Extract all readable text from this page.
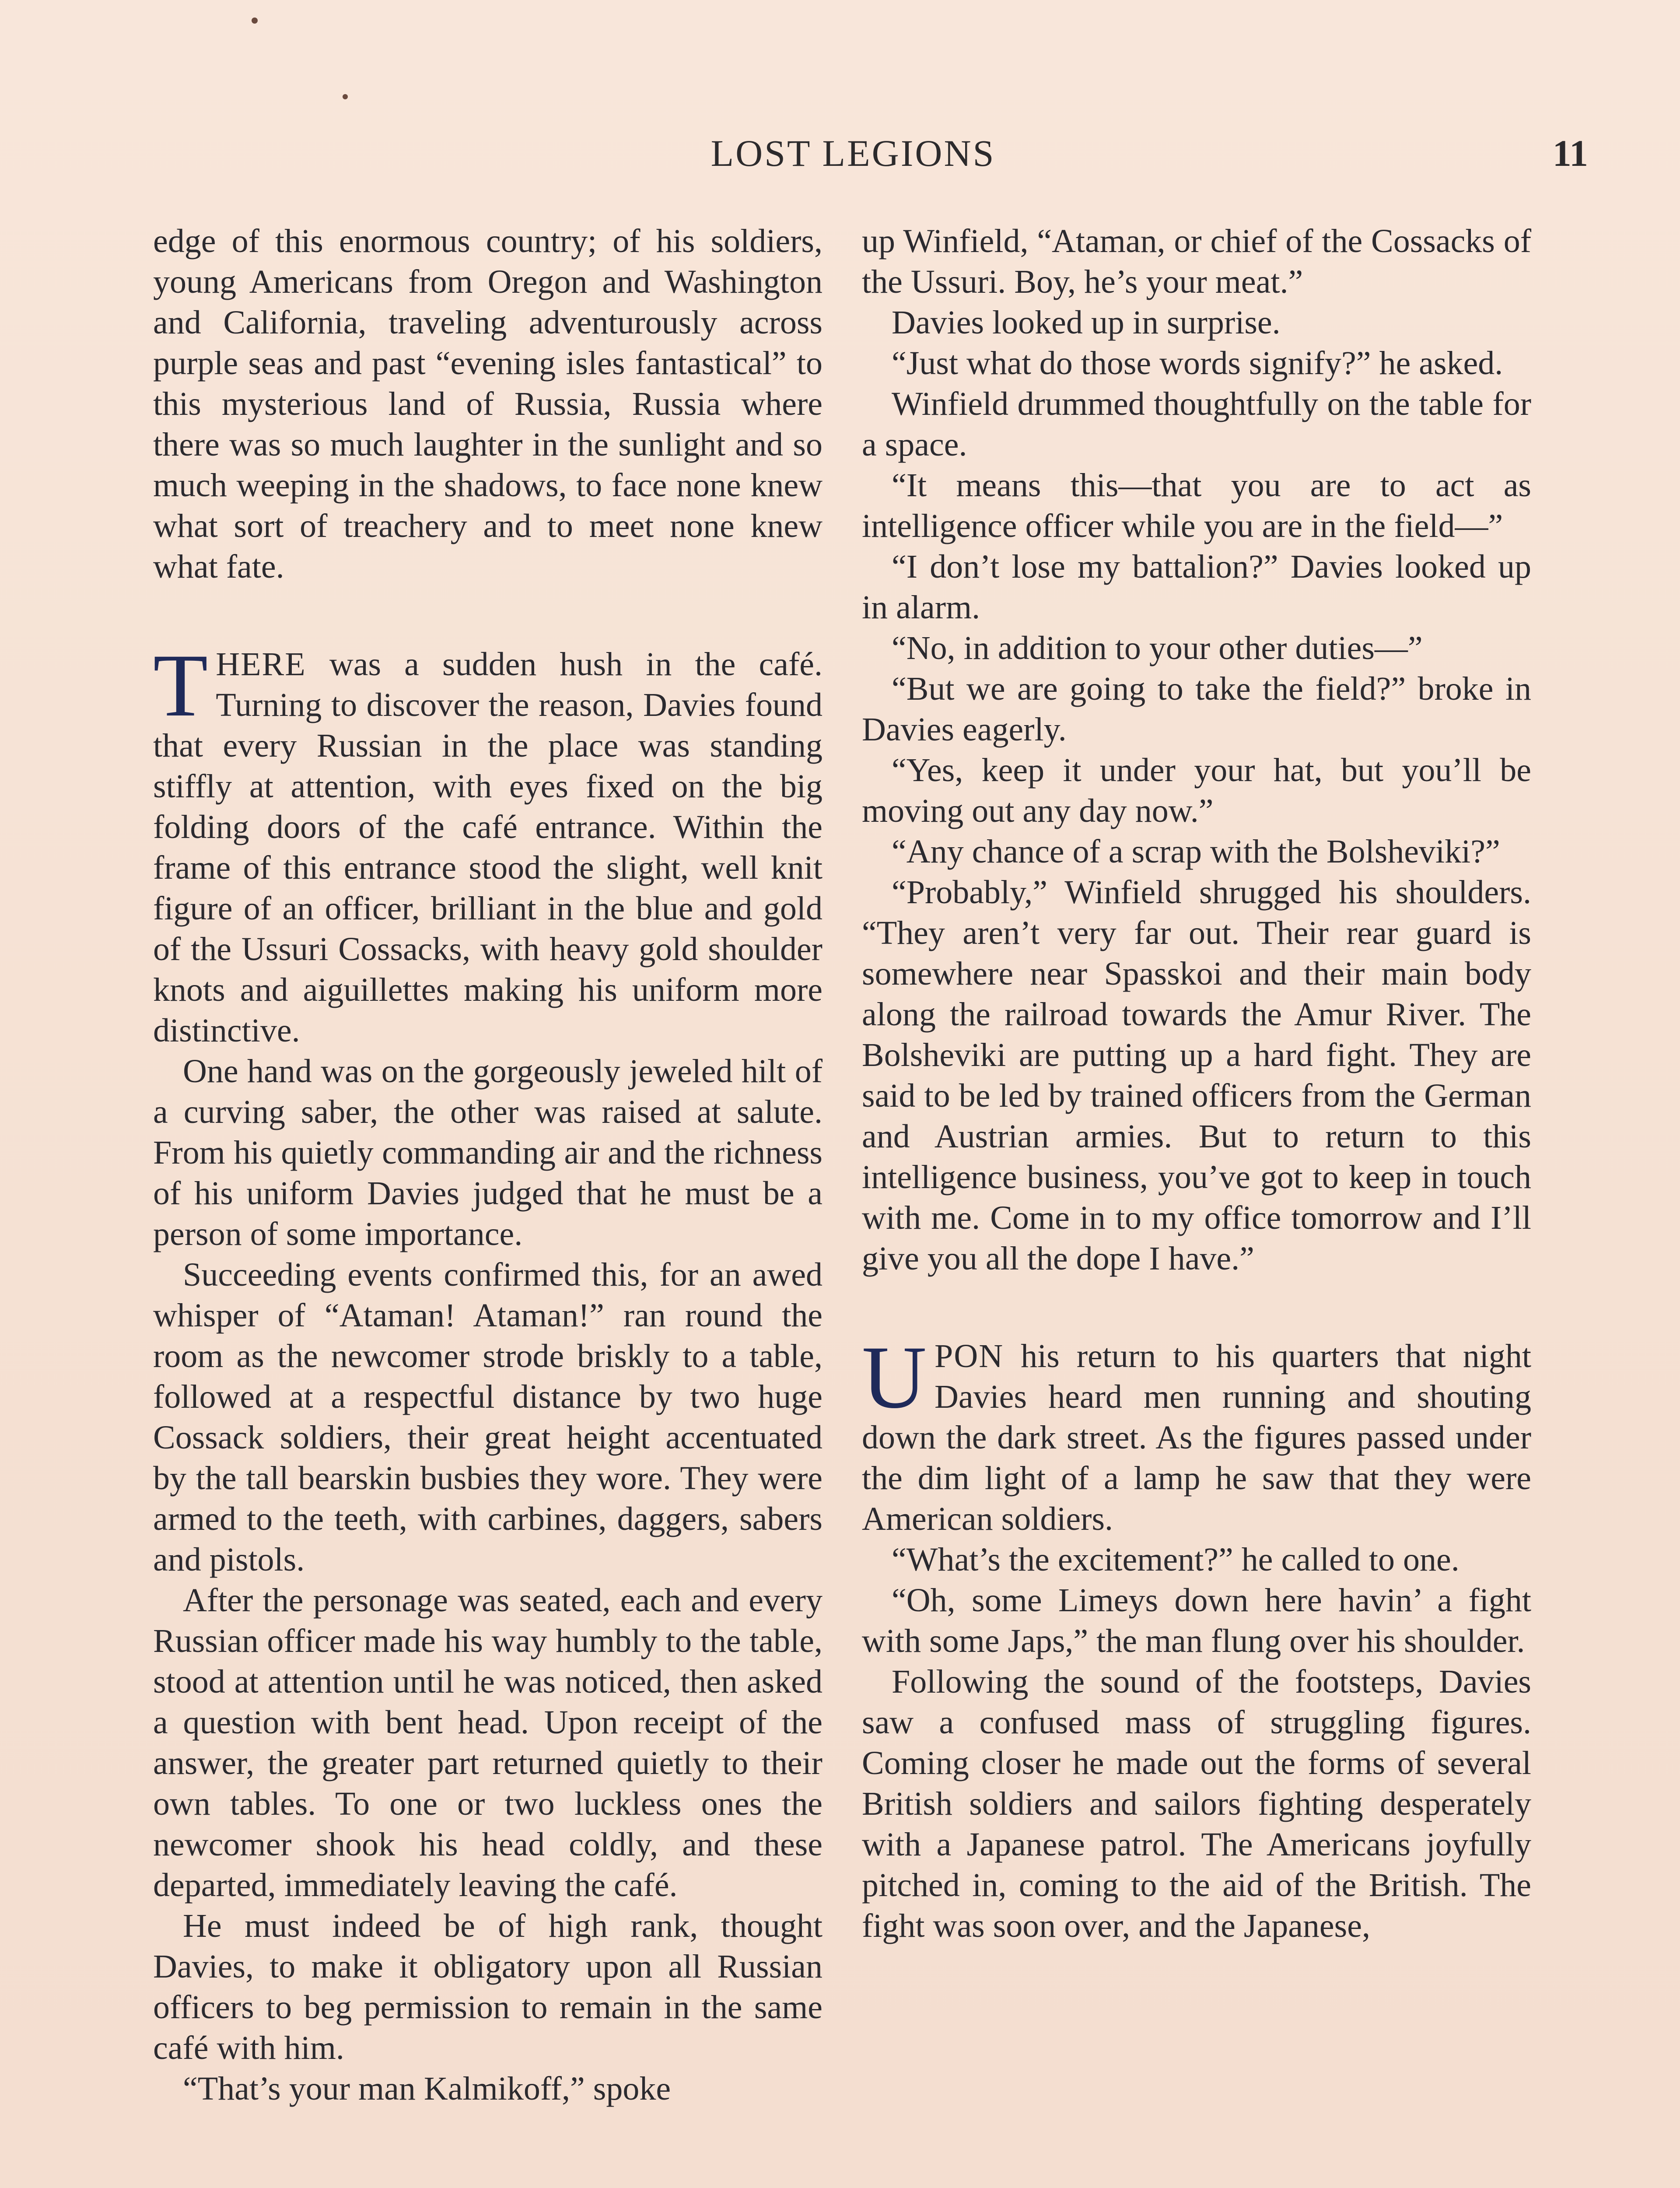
LOST LEGIONS	11

edge of this enormous country; of his soldiers, young Americans from Oregon and Washington and California, traveling adventurously across purple seas and past “evening isles fantastical” to this mysterious land of Russia, Russia where there was so much laughter in the sunlight and so much weeping in the shadows, to face none knew what sort of treachery and to meet none knew what fate.

THERE was a sudden hush in the café. Turning to discover the reason, Davies found that every Russian in the place was standing stiffly at attention, with eyes fixed on the big folding doors of the café entrance. Within the frame of this entrance stood the slight, well knit figure of an officer, brilliant in the blue and gold of the Ussuri Cossacks, with heavy gold shoulder knots and aiguillettes making his uniform more distinctive.

One hand was on the gorgeously jeweled hilt of a curving saber, the other was raised at salute. From his quietly commanding air and the richness of his uniform Davies judged that he must be a person of some importance.

Succeeding events confirmed this, for an awed whisper of “Ataman! Ataman!” ran round the room as the newcomer strode briskly to a table, followed at a respectful distance by two huge Cossack soldiers, their great height accentuated by the tall bearskin busbies they wore. They were armed to the teeth, with carbines, daggers, sabers and pistols.

After the personage was seated, each and every Russian officer made his way humbly to the table, stood at attention until he was noticed, then asked a question with bent head. Upon receipt of the answer, the greater part returned quietly to their own tables. To one or two luckless ones the newcomer shook his head coldly, and these departed, immediately leaving the café.

He must indeed be of high rank, thought Davies, to make it obligatory upon all Russian officers to beg permission to remain in the same café with him.

“That’s your man Kalmikoff,” spoke

up Winfield, “Ataman, or chief of the Cossacks of the Ussuri. Boy, he’s your meat.”

Davies looked up in surprise.

“Just what do those words signify?” he asked.

Winfield drummed thoughtfully on the table for a space.

“It means this—that you are to act as intelligence officer while you are in the field—”

“I don’t lose my battalion?” Davies looked up in alarm.

“No, in addition to your other duties—”

“But we are going to take the field?” broke in Davies eagerly.

“Yes, keep it under your hat, but you’ll be moving out any day now.”

“Any chance of a scrap with the Bolsheviki?”

“Probably,” Winfield shrugged his shoulders. “They aren’t very far out. Their rear guard is somewhere near Spasskoi and their main body along the railroad towards the Amur River. The Bolsheviki are putting up a hard fight. They are said to be led by trained officers from the German and Austrian armies. But to return to this intelligence business, you’ve got to keep in touch with me. Come in to my office tomorrow and I’ll give you all the dope I have.”

UPON his return to his quarters that night Davies heard men running and shouting down the dark street. As the figures passed under the dim light of a lamp he saw that they were American soldiers.

“What’s the excitement?” he called to one.

“Oh, some Limeys down here havin’ a fight with some Japs,” the man flung over his shoulder.

Following the sound of the footsteps, Davies saw a confused mass of struggling figures. Coming closer he made out the forms of several British soldiers and sailors fighting desperately with a Japanese patrol. The Americans joyfully pitched in, coming to the aid of the British. The fight was soon over, and the Japanese,
